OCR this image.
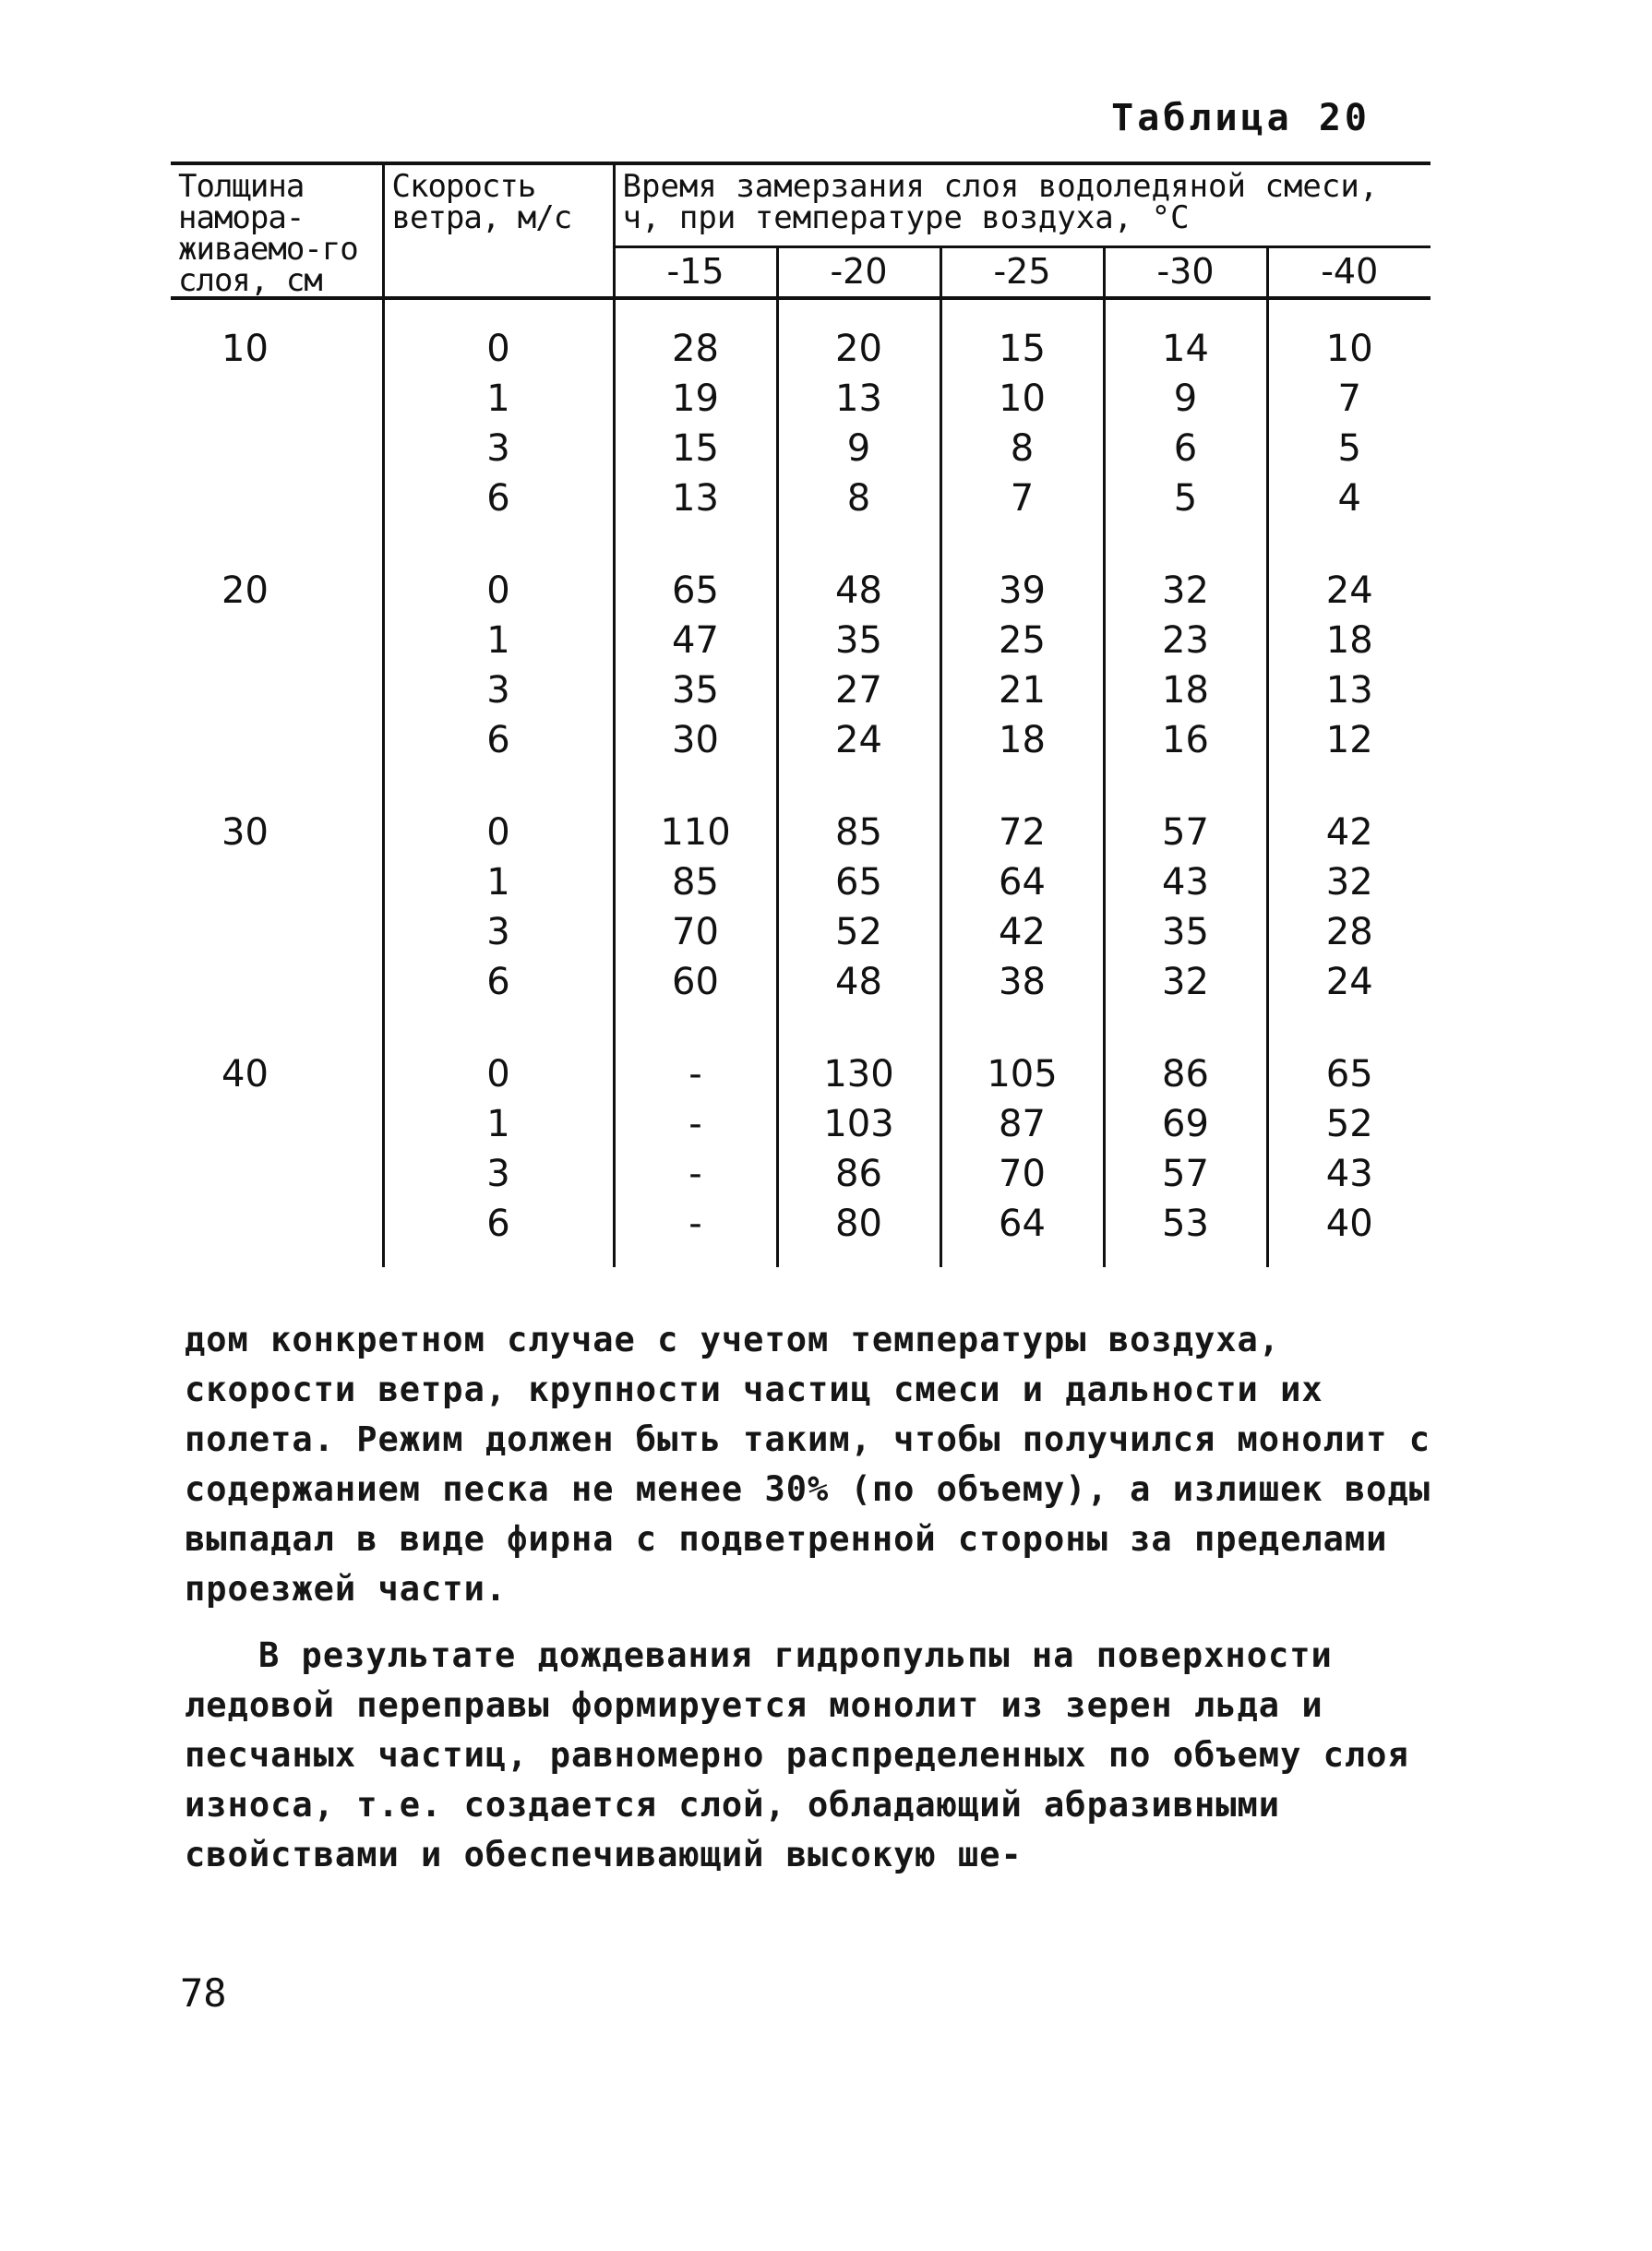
Таблица 20
Толщина намора-живаемо-го слоя, см	Скорость ветра, м/с	Время замерзания слоя водоледяной смеси, ч, при температуре воздуха, °С				
		-15	-20	-25	-30	-40
10	0	28	20	15	14	10
	1	19	13	10	9	7
	3	15	9	8	6	5
	6	13	8	7	5	4
20	0	65	48	39	32	24
	1	47	35	25	23	18
	3	35	27	21	18	13
	6	30	24	18	16	12
30	0	110	85	72	57	42
	1	85	65	64	43	32
	3	70	52	42	35	28
	6	60	48	38	32	24
40	0	-	130	105	86	65
	1	-	103	87	69	52
	3	-	86	70	57	43
	6	-	80	64	53	40

дом конкретном случае с учетом температуры воздуха, скорости ветра, крупности частиц смеси и дальности их полета. Режим должен быть таким, чтобы получился монолит с содержанием песка не менее 30% (по объему), а излишек воды выпадал в виде фирна с подветренной стороны за пределами проезжей части.

В результате дождевания гидропульпы на поверхности ледовой переправы формируется монолит из зерен льда и песчаных частиц, равномерно распределенных по объему слоя износа, т.е. создается слой, обладающий абразивными свойствами и обеспечивающий высокую ше-

78
